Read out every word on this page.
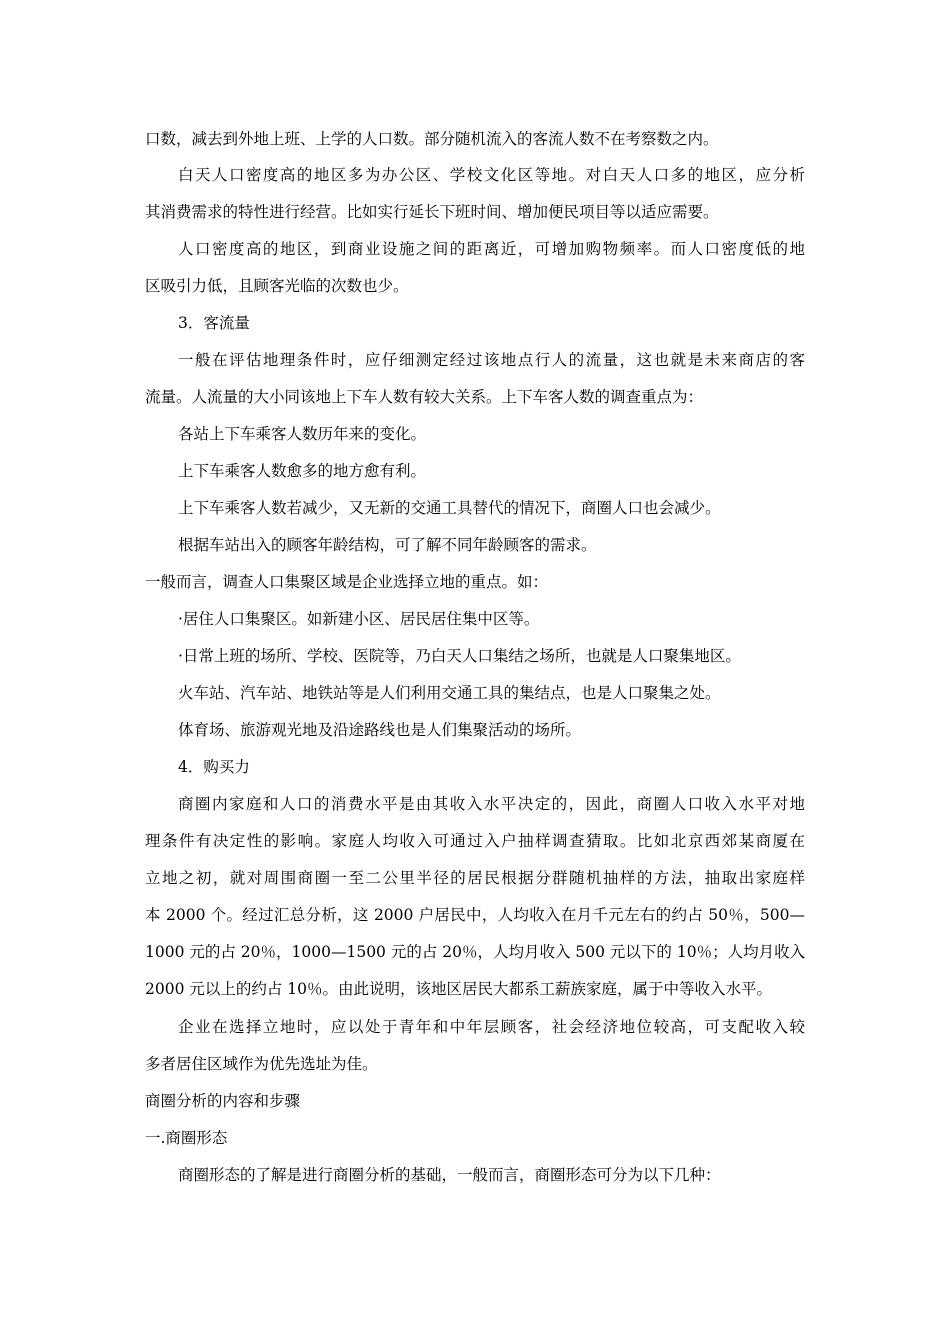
口数，减去到外地上班、上学的人口数。部分随机流入的客流人数不在考察数之内。
白天人口密度高的地区多为办公区、学校文化区等地。对白天人口多的地区，应分析
其消费需求的特性进行经营。比如实行延长下班时间、增加便民项目等以适应需要。
人口密度高的地区，到商业设施之间的距离近，可增加购物频率。而人口密度低的地
区吸引力低，且顾客光临的次数也少。
3．客流量
一般在评估地理条件时，应仔细测定经过该地点行人的流量，这也就是未来商店的客
流量。人流量的大小同该地上下车人数有较大关系。上下车客人数的调查重点为：
各站上下车乘客人数历年来的变化。
上下车乘客人数愈多的地方愈有利。
上下车乘客人数若减少，又无新的交通工具替代的情况下，商圈人口也会减少。
根据车站出入的顾客年龄结构，可了解不同年龄顾客的需求。
一般而言，调查人口集聚区域是企业选择立地的重点。如：
·居住人口集聚区。如新建小区、居民居住集中区等。
·日常上班的场所、学校、医院等，乃白天人口集结之场所，也就是人口聚集地区。
火车站、汽车站、地铁站等是人们利用交通工具的集结点，也是人口聚集之处。
体育场、旅游观光地及沿途路线也是人们集聚活动的场所。
4．购买力
商圈内家庭和人口的消费水平是由其收入水平决定的，因此，商圈人口收入水平对地
理条件有决定性的影响。家庭人均收入可通过入户抽样调查猜取。比如北京西郊某商厦在
立地之初，就对周围商圈一至二公里半径的居民根据分群随机抽样的方法，抽取出家庭样
本 2000 个。经过汇总分析，这 2000 户居民中，人均收入在月千元左右的约占 50％，500—
1000 元的占 20％，1000—1500 元的占 20％，人均月收入 500 元以下的 10％；人均月收入
2000 元以上的约占 10％。由此说明，该地区居民大都系工薪族家庭，属于中等收入水平。
企业在选择立地时，应以处于青年和中年层顾客，社会经济地位较高，可支配收入较
多者居住区域作为优先选址为佳。
商圈分析的内容和步骤
一.商圈形态
商圈形态的了解是进行商圈分析的基础，一般而言，商圈形态可分为以下几种：
